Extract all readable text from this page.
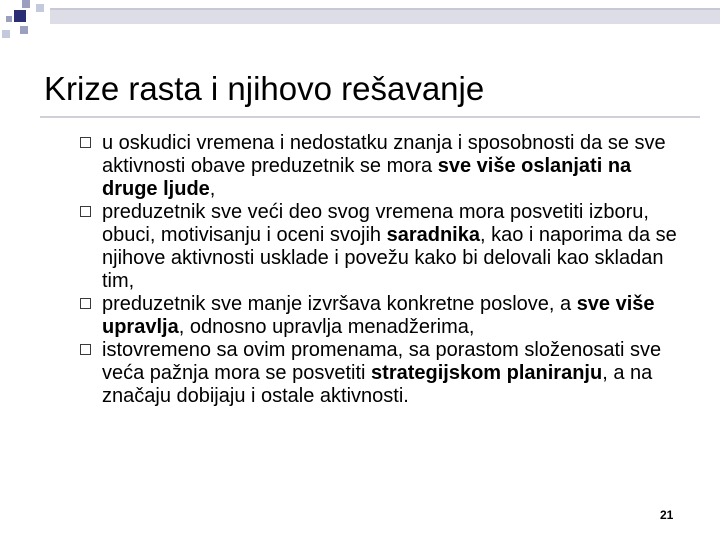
Krize rasta i njihovo rešavanje

u oskudici vremena i nedostatku znanja i sposobnosti da se sve aktivnosti obave preduzetnik se mora sve više oslanjati na druge ljude,

preduzetnik sve veći deo svog vremena mora posvetiti izboru, obuci, motivisanju i oceni svojih saradnika, kao i naporima da se njihove aktivnosti usklade i povežu kako bi delovali kao skladan tim,

preduzetnik sve manje izvršava konkretne poslove, a sve više upravlja, odnosno upravlja menadžerima,

istovremeno sa ovim promenama, sa porastom složenosati sve veća pažnja mora se posvetiti strategijskom planiranju, a na značaju dobijaju i ostale aktivnosti.

21
